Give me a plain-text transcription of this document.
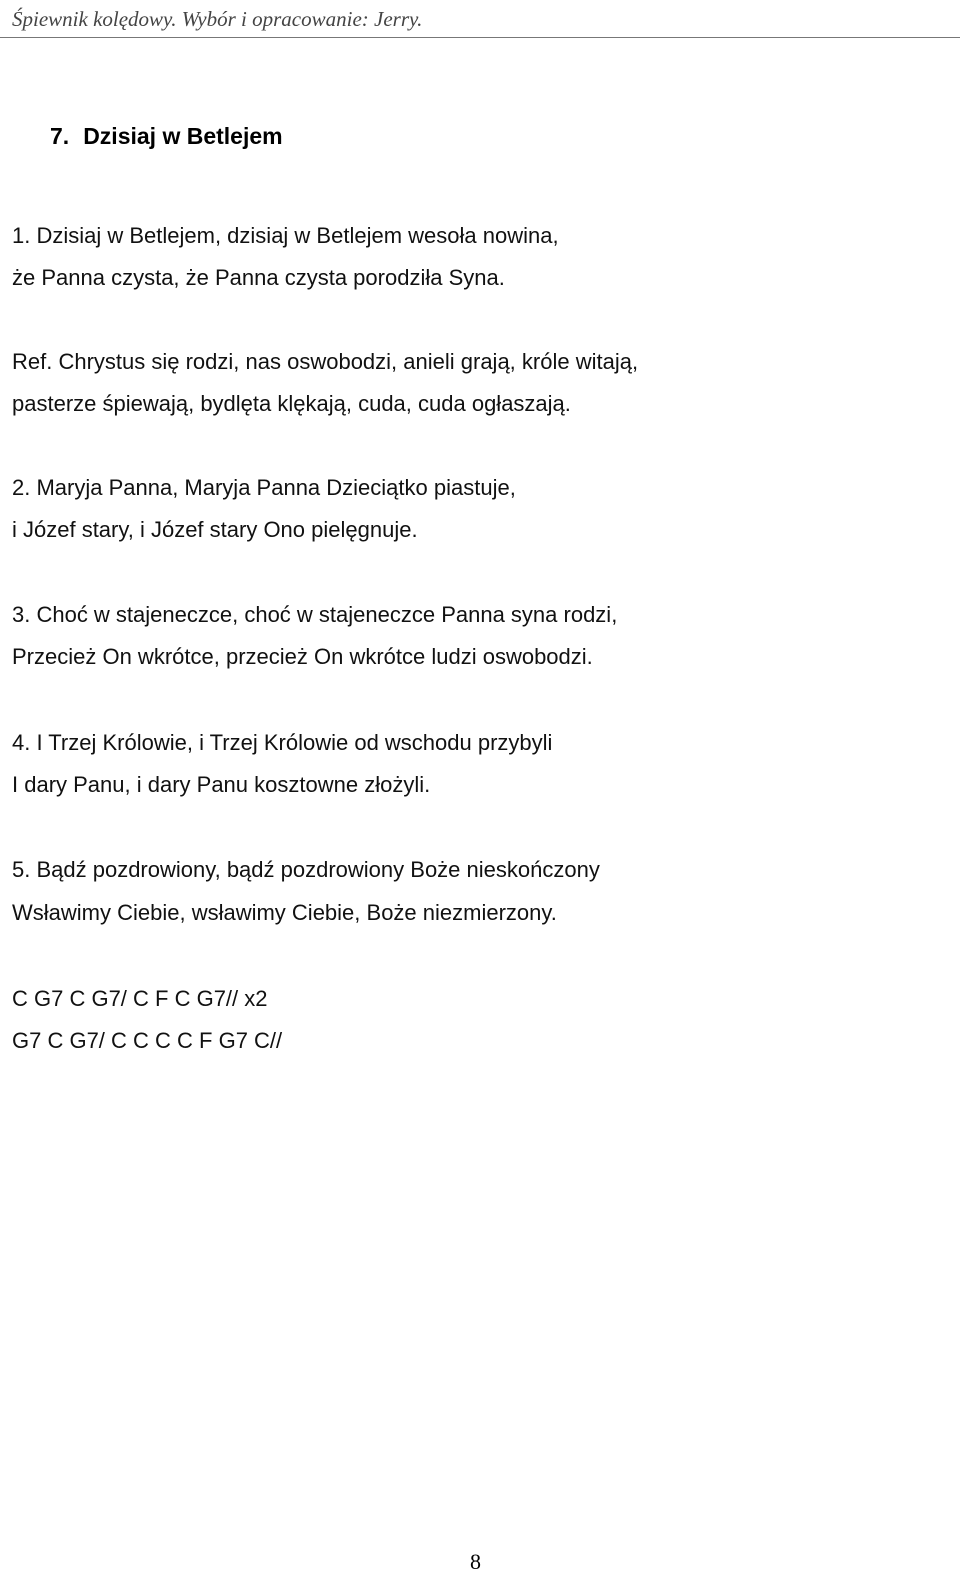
Śpiewnik kolędowy. Wybór i opracowanie: Jerry.
7. Dzisiaj w Betlejem
1. Dzisiaj w Betlejem, dzisiaj w Betlejem wesoła nowina,
że Panna czysta, że Panna czysta porodziła Syna.
Ref. Chrystus się rodzi, nas oswobodzi, anieli grają, króle witają,
pasterze śpiewają, bydlęta klękają, cuda, cuda ogłaszają.
2. Maryja Panna, Maryja Panna Dzieciątko piastuje,
i Józef stary, i Józef stary Ono pielęgnuje.
3. Choć w stajeneczce, choć w stajeneczce Panna syna rodzi,
Przecież On wkrótce, przecież On wkrótce ludzi oswobodzi.
4. I Trzej Królowie, i Trzej Królowie od wschodu przybyli
I dary Panu, i dary Panu kosztowne złożyli.
5. Bądź pozdrowiony, bądź pozdrowiony Boże nieskończony
Wsławimy Ciebie, wsławimy Ciebie, Boże niezmierzony.
C G7 C G7/ C F C G7// x2
G7 C G7/ C C C C F G7 C//
8
